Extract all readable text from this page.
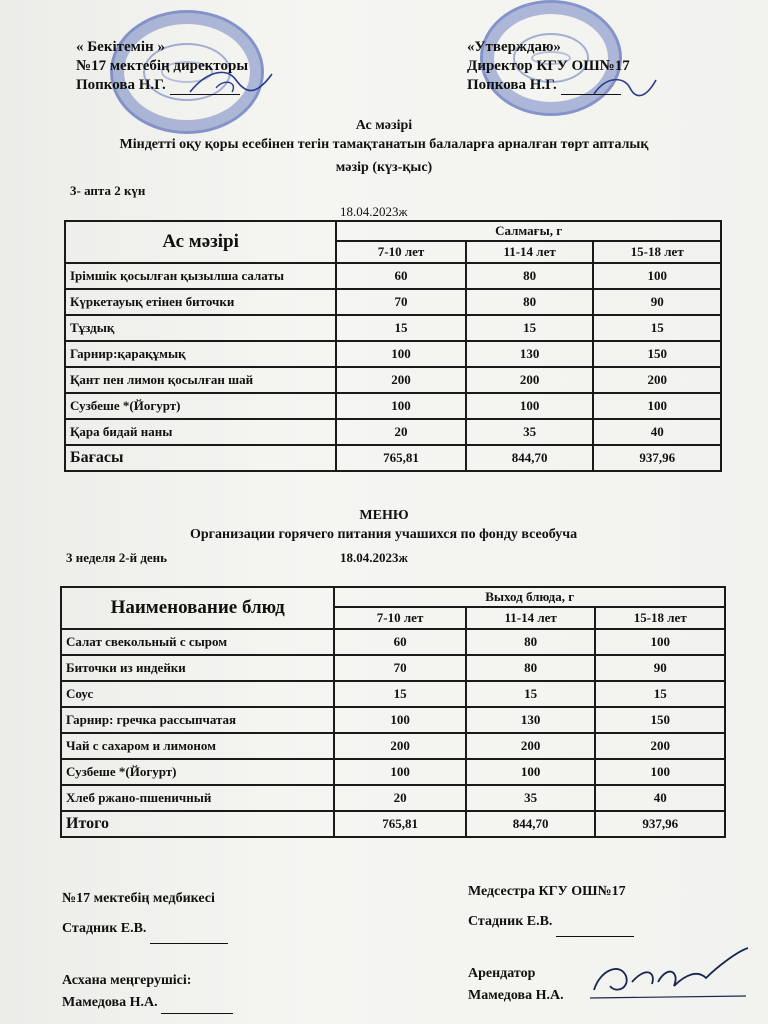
« Бекітемін »
№17 мектебің директоры
Попкова Н.Г.
«Утверждаю»
Директор КГУ ОШ№17
Попкова Н.Г.
Ас мәзірі
Міндетті оқу қоры есебінен тегін тамақтанатын балаларға арналған төрт апталық
мәзір (күз-қыс)
3- апта 2 күн
18.04.2023ж
Ас мәзірі	Салмағы, г		
	7-10 лет	11-14 лет	15-18 лет
Ірімшік қосылған қызылша салаты	60	80	100
Күркетауық етінен биточки	70	80	90
Тұздық	15	15	15
Гарнир:қарақұмық	100	130	150
Қант пен лимон қосылған шай	200	200	200
Сузбеше *(Йогурт)	100	100	100
Қара бидай наны	20	35	40
Бағасы	765,81	844,70	937,96
МЕНЮ
Организации горячего питания учашихся по фонду всеобуча
3 неделя 2-й день	18.04.2023ж
Наименование блюд	Выход блюда, г		
	7-10 лет	11-14 лет	15-18 лет
Салат свекольный с сыром	60	80	100
Биточки из индейки	70	80	90
Соус	15	15	15
Гарнир: гречка рассыпчатая	100	130	150
Чай с сахаром и лимоном	200	200	200
Сузбеше *(Йогурт)	100	100	100
Хлеб ржано-пшеничный	20	35	40
Итого	765,81	844,70	937,96
№17 мектебің медбикесі
Стадник Е.В.
Медсестра КГУ ОШ№17
Стадник Е.В.
Асхана меңгерушісі:
Мамедова Н.А.
Арендатор
Мамедова Н.А.
